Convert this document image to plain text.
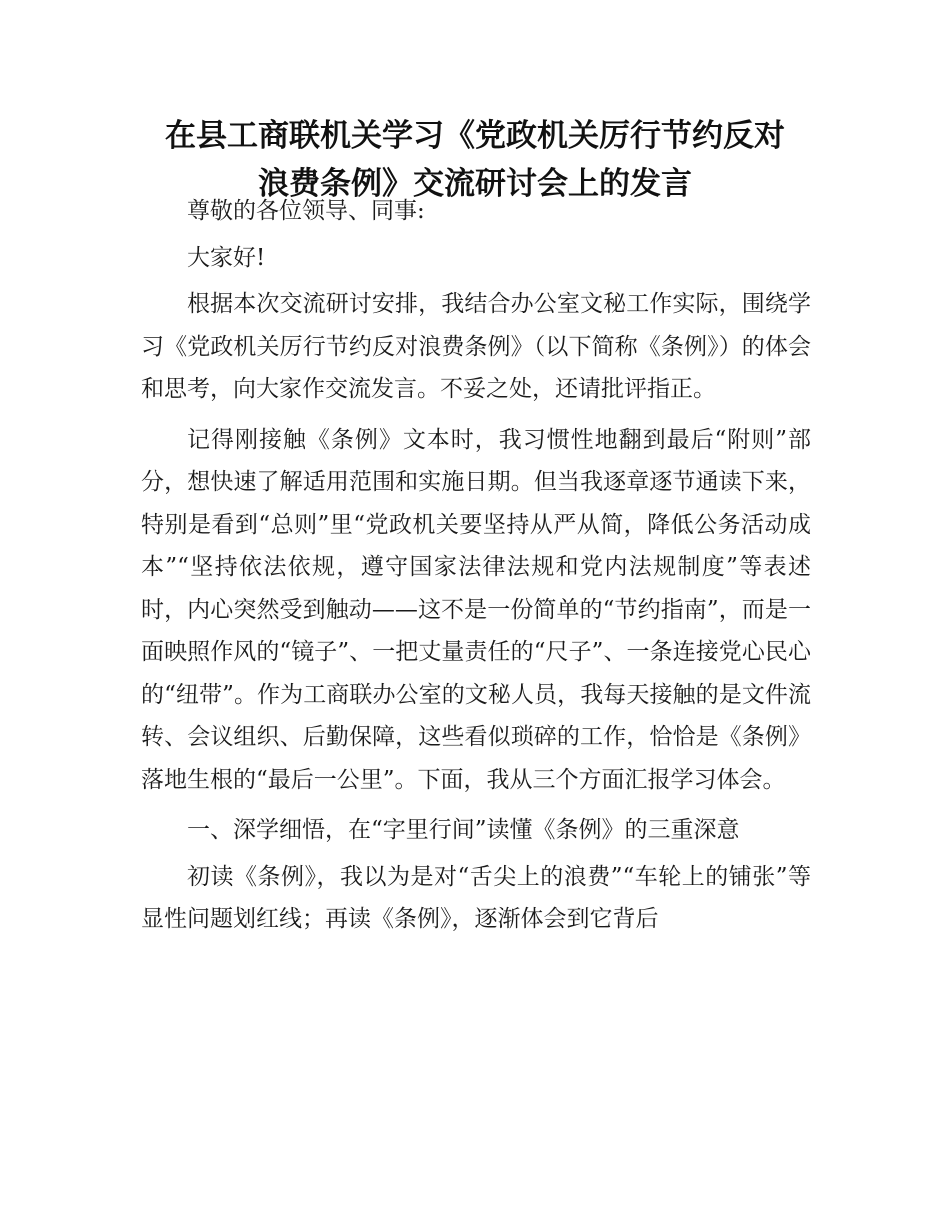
在县工商联机关学习《党政机关厉行节约反对
浪费条例》交流研讨会上的发言

尊敬的各位领导、同事:

大家好!

根据本次交流研讨安排，我结合办公室文秘工作实际，围绕学习《党政机关厉行节约反对浪费条例》（以下简称《条例》）的体会和思考，向大家作交流发言。不妥之处，还请批评指正。

记得刚接触《条例》文本时，我习惯性地翻到最后“附则”部分，想快速了解适用范围和实施日期。但当我逐章逐节通读下来，特别是看到“总则”里“党政机关要坚持从严从简，降低公务活动成本”“坚持依法依规，遵守国家法律法规和党内法规制度”等表述时，内心突然受到触动——这不是一份简单的“节约指南”，而是一面映照作风的“镜子”、一把丈量责任的“尺子”、一条连接党心民心的“纽带”。作为工商联办公室的文秘人员，我每天接触的是文件流转、会议组织、后勤保障，这些看似琐碎的工作，恰恰是《条例》落地生根的“最后一公里”。下面，我从三个方面汇报学习体会。

一、深学细悟，在“字里行间”读懂《条例》的三重深意

初读《条例》，我以为是对“舌尖上的浪费”“车轮上的铺张”等显性问题划红线；再读《条例》，逐渐体会到它背后
